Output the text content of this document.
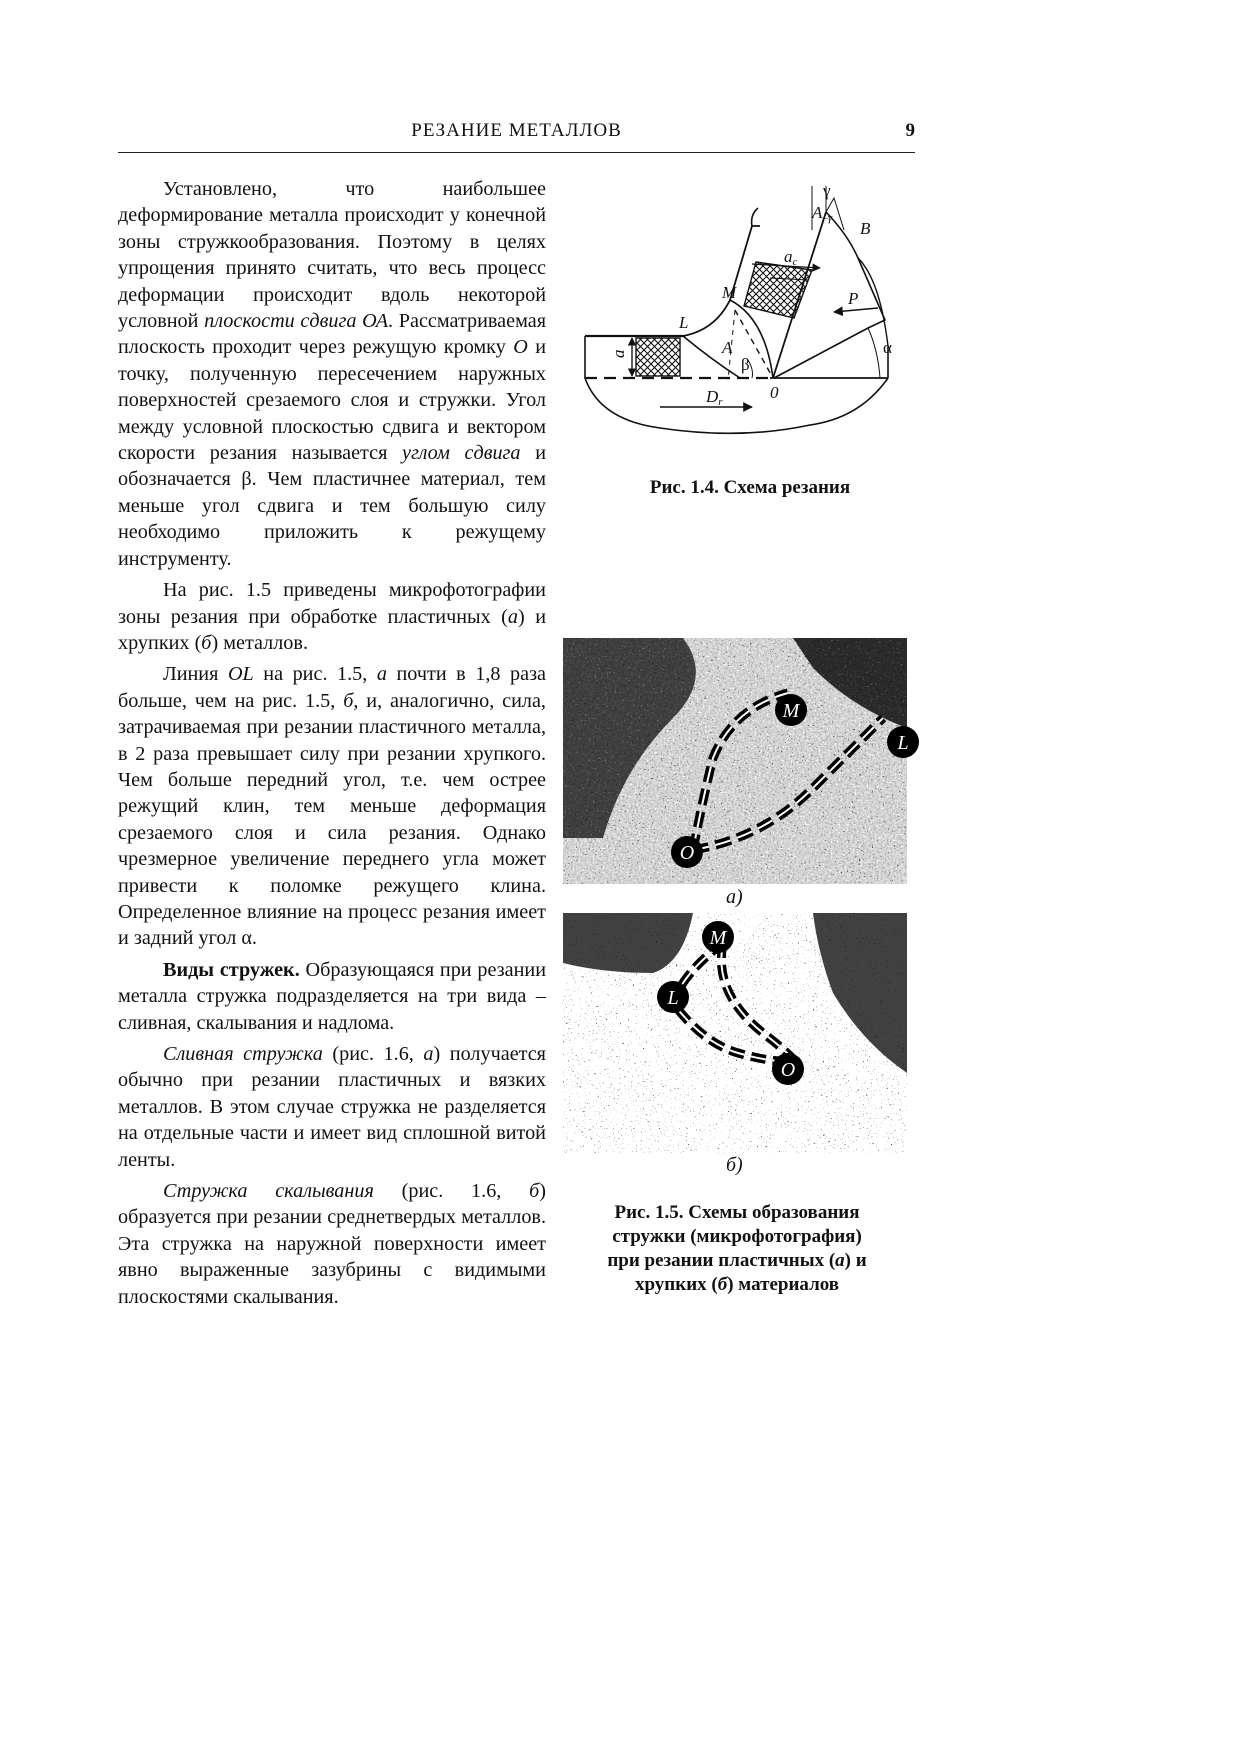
РЕЗАНИЕ МЕТАЛЛОВ	9

Установлено, что наибольшее деформирование металла происходит у конечной зоны стружкообразования. Поэтому в целях упрощения принято считать, что весь процесс деформации происходит вдоль некоторой условной плоскости сдвига ОА. Рассматриваемая плоскость проходит через режущую кромку О и точку, полученную пересечением наружных поверхностей срезаемого слоя и стружки. Угол между условной плоскостью сдвига и вектором скорости резания называется углом сдвига и обозначается β. Чем пластичнее материал, тем меньше угол сдвига и тем большую силу необходимо приложить к режущему инструменту.

На рис. 1.5 приведены микрофотографии зоны резания при обработке пластичных (а) и хрупких (б) металлов.

Линия OL на рис. 1.5, а почти в 1,8 раза больше, чем на рис. 1.5, б, и, аналогично, сила, затрачиваемая при резании пластичного металла, в 2 раза превышает силу при резании хрупкого. Чем больше передний угол, т.е. чем острее режущий клин, тем меньше деформация срезаемого слоя и сила резания. Однако чрезмерное увеличение переднего угла может привести к поломке режущего клина. Определенное влияние на процесс резания имеет и задний угол α.

Виды стружек. Образующаяся при резании металла стружка подразделяется на три вида – сливная, скалывания и надлома.

Сливная стружка (рис. 1.6, а) получается обычно при резании пластичных и вязких металлов. В этом случае стружка не разделяется на отдельные части и имеет вид сплошной витой ленты.

Стружка скалывания (рис. 1.6, б) образуется при резании среднетвердых металлов. Эта стружка на наружной поверхности имеет явно выраженные зазубрины с видимыми плоскостями скалывания.

γ
A–γ
B
ac
M	P
L
A	α
β
a
Dr	0
Рис. 1.4. Схема резания
M
L
O
а)
M
L
O
б)
Рис. 1.5. Схемы образования
стружки (микрофотография)
при резании пластичных (а) и
хрупких (б) материалов
